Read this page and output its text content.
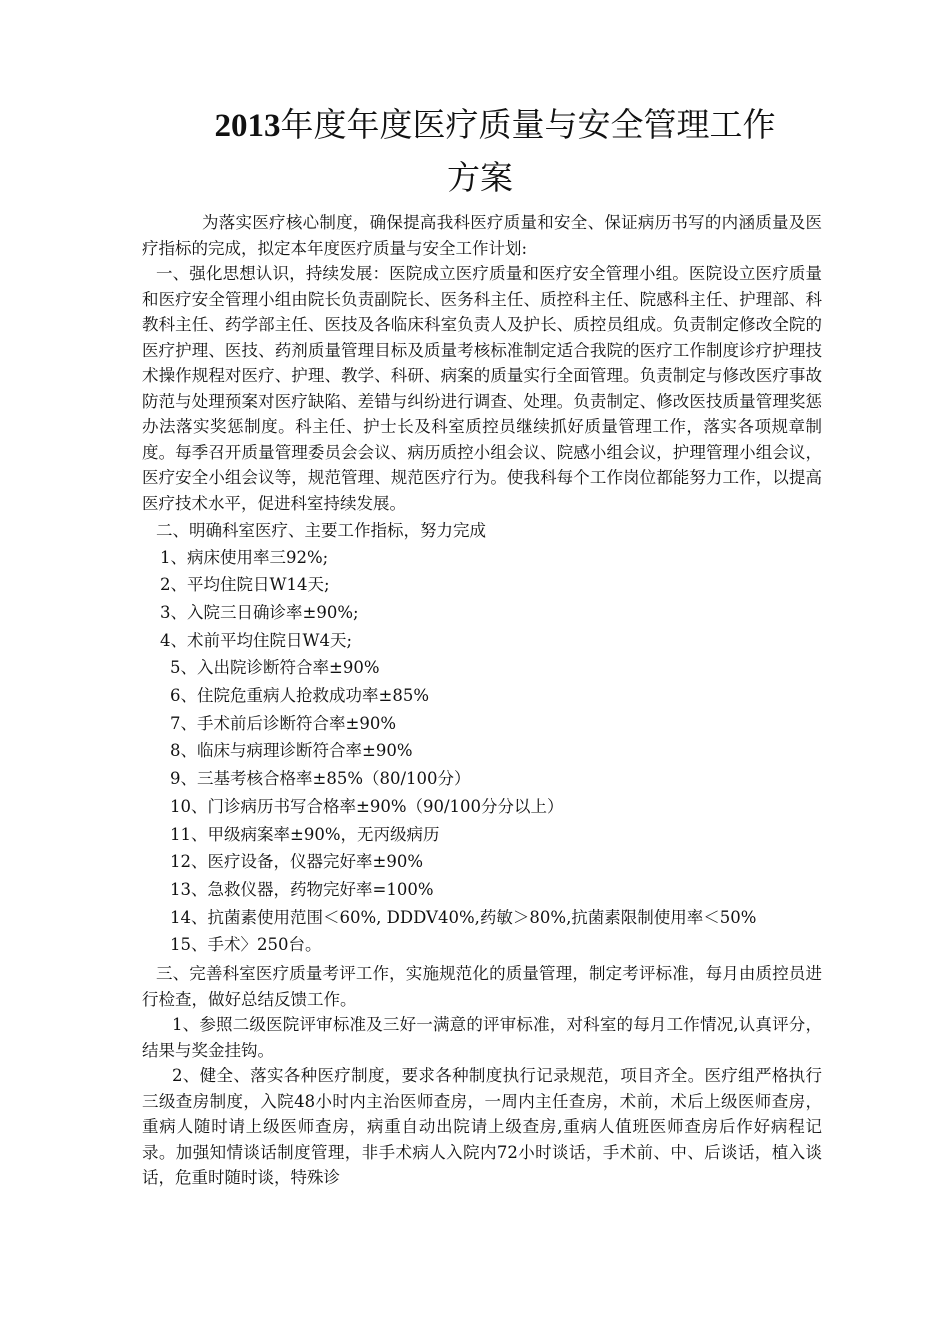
2013年度年度医疗质量与安全管理工作
方案

为落实医疗核心制度，确保提高我科医疗质量和安全、保证病历书写的内涵质量及医疗指标的完成，拟定本年度医疗质量与安全工作计划:

一、强化思想认识，持续发展：医院成立医疗质量和医疗安全管理小组。医院设立医疗质量和医疗安全管理小组由院长负责副院长、医务科主任、质控科主任、院感科主任、护理部、科教科主任、药学部主任、医技及各临床科室负责人及护长、质控员组成。负责制定修改全院的医疗护理、医技、药剂质量管理目标及质量考核标准制定适合我院的医疗工作制度诊疗护理技术操作规程对医疗、护理、教学、科研、病案的质量实行全面管理。负责制定与修改医疗事故防范与处理预案对医疗缺陷、差错与纠纷进行调查、处理。负责制定、修改医技质量管理奖惩办法落实奖惩制度。科主任、护士长及科室质控员继续抓好质量管理工作，落实各项规章制度。每季召开质量管理委员会会议、病历质控小组会议、院感小组会议，护理管理小组会议，医疗安全小组会议等，规范管理、规范医疗行为。使我科每个工作岗位都能努力工作，以提高医疗技术水平，促进科室持续发展。

二、明确科室医疗、主要工作指标，努力完成

1、病床使用率三92%;

2、平均住院日W14天;

3、入院三日确诊率±90%;

4、术前平均住院日W4天;

5、入出院诊断符合率±90%

6、住院危重病人抢救成功率±85%

7、手术前后诊断符合率±90%

8、临床与病理诊断符合率±90%

9、三基考核合格率±85%（80/100分）

10、门诊病历书写合格率±90%（90/100分分以上）

11、甲级病案率±90%，无丙级病历

12、医疗设备，仪器完好率±90%

13、急救仪器，药物完好率=100%

14、抗菌素使用范围＜60%, DDDV40%,药敏＞80%,抗菌素限制使用率＜50%

15、手术〉250台。

三、完善科室医疗质量考评工作，实施规范化的质量管理，制定考评标准，每月由质控员进行检查，做好总结反馈工作。

1、参照二级医院评审标准及三好一满意的评审标准，对科室的每月工作情况,认真评分，结果与奖金挂钩。

2、健全、落实各种医疗制度，要求各种制度执行记录规范，项目齐全。医疗组严格执行三级查房制度，入院48小时内主治医师查房，一周内主任查房，术前，术后上级医师查房，重病人随时请上级医师查房，病重自动出院请上级查房,重病人值班医师查房后作好病程记录。加强知情谈话制度管理，非手术病人入院内72小时谈话，手术前、中、后谈话，植入谈话，危重时随时谈，特殊诊
